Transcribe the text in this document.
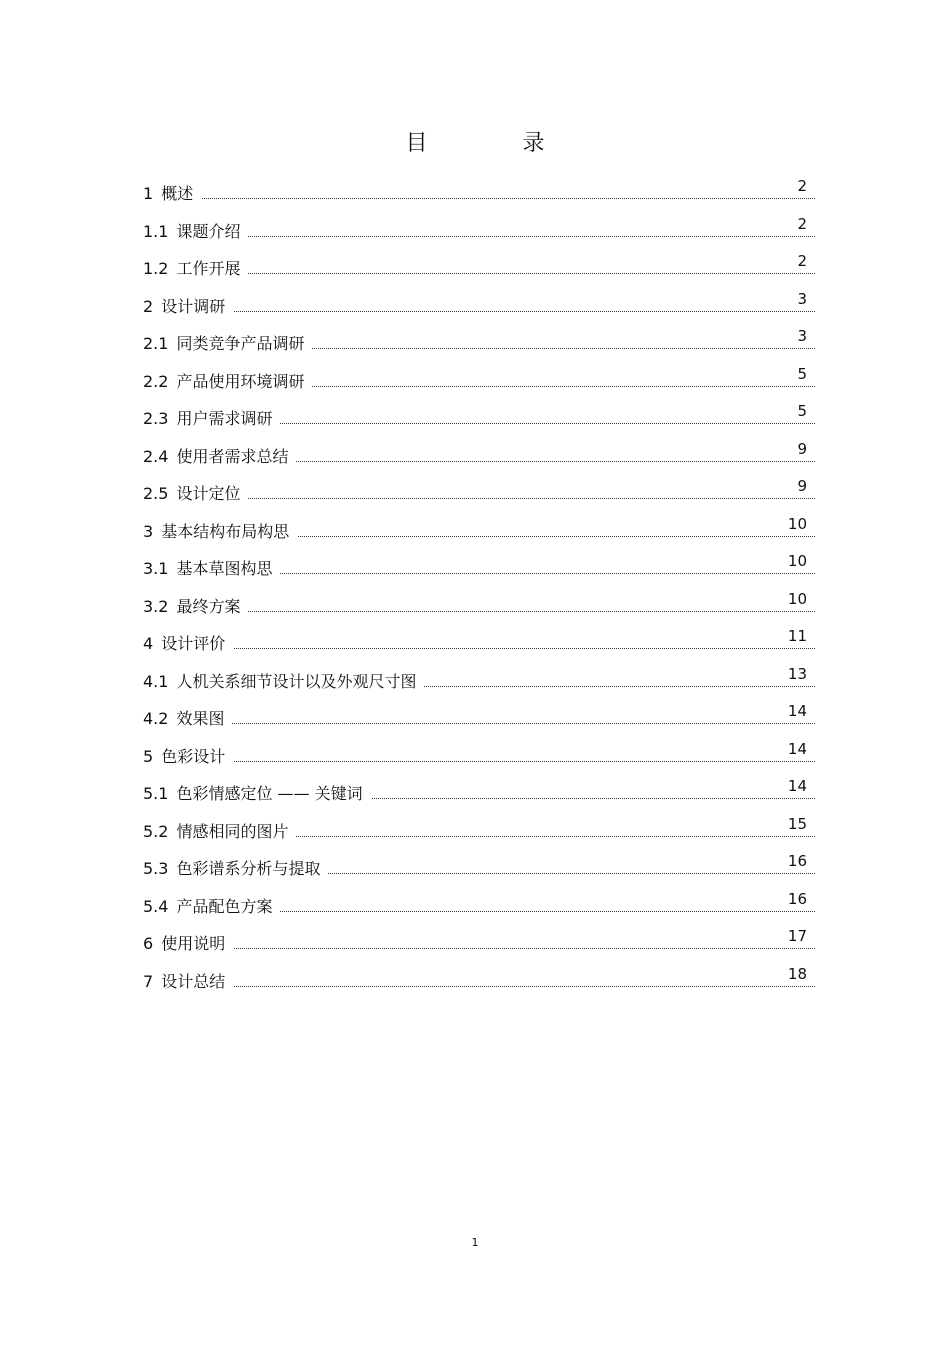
目 录
1 概述	2
1.1 课题介绍	2
1.2 工作开展	2
2 设计调研	3
2.1 同类竞争产品调研	3
2.2 产品使用环境调研	5
2.3 用户需求调研	5
2.4 使用者需求总结	9
2.5 设计定位	9
3 基本结构布局构思	10
3.1 基本草图构思	10
3.2 最终方案	10
4 设计评价	11
4.1 人机关系细节设计以及外观尺寸图	13
4.2 效果图	14
5 色彩设计	14
5.1 色彩情感定位 —— 关键词	14
5.2 情感相同的图片	15
5.3 色彩谱系分析与提取	16
5.4 产品配色方案	16
6 使用说明	17
7 设计总结	18
1
